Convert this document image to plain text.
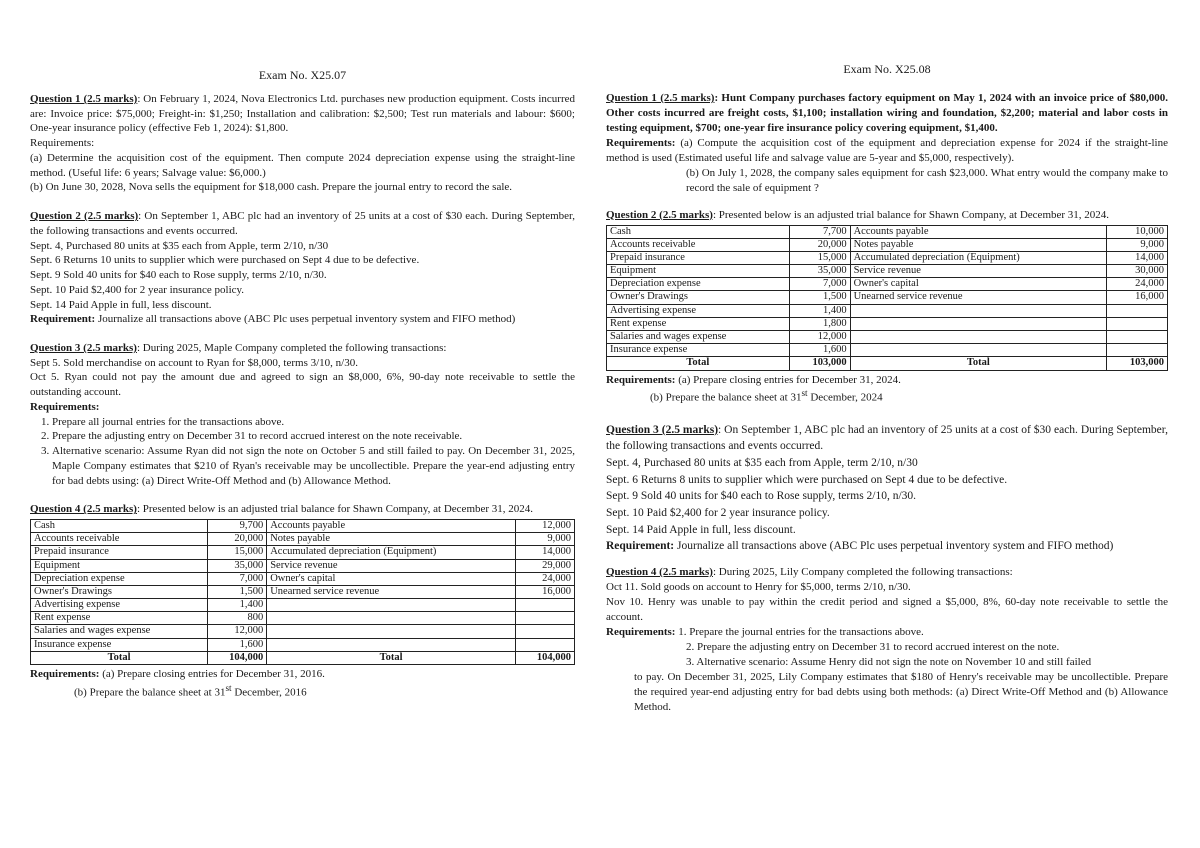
Exam No. X25.07

Question 1 (2.5 marks): On February 1, 2024, Nova Electronics Ltd. purchases new production equipment. Costs incurred are: Invoice price: $75,000; Freight-in: $1,250; Installation and calibration: $2,500; Test run materials and labour: $600; One-year insurance policy (effective Feb 1, 2024): $1,800.

Requirements:

(a) Determine the acquisition cost of the equipment. Then compute 2024 depreciation expense using the straight-line method. (Useful life: 6 years; Salvage value: $6,000.)

(b) On June 30, 2028, Nova sells the equipment for $18,000 cash. Prepare the journal entry to record the sale.

Question 2 (2.5 marks): On September 1, ABC plc had an inventory of 25 units at a cost of $30 each. During September, the following transactions and events occurred.

Sept. 4, Purchased 80 units at $35 each from Apple, term 2/10, n/30

Sept. 6 Returns 10 units to supplier which were purchased on Sept 4 due to be defective.

Sept. 9 Sold 40 units for $40 each to Rose supply, terms 2/10, n/30.

Sept. 10 Paid $2,400 for 2 year insurance policy.

Sept. 14 Paid Apple in full, less discount.

Requirement: Journalize all transactions above (ABC Plc uses perpetual inventory system and FIFO method)

Question 3 (2.5 marks): During 2025, Maple Company completed the following transactions:

Sept 5. Sold merchandise on account to Ryan for $8,000, terms 3/10, n/30.

Oct 5. Ryan could not pay the amount due and agreed to sign an $8,000, 6%, 90-day note receivable to settle the outstanding account.

Requirements:

1. Prepare all journal entries for the transactions above.
2. Prepare the adjusting entry on December 31 to record accrued interest on the note receivable.
3. Alternative scenario: Assume Ryan did not sign the note on October 5 and still failed to pay. On December 31, 2025, Maple Company estimates that $210 of Ryan's receivable may be uncollectible. Prepare the year-end adjusting entry for bad debts using: (a) Direct Write-Off Method and (b) Allowance Method.

Question 4 (2.5 marks): Presented below is an adjusted trial balance for Shawn Company, at December 31, 2024.

Cash	9,700	Accounts payable	12,000
Accounts receivable	20,000	Notes payable	9,000
Prepaid insurance	15,000	Accumulated depreciation (Equipment)	14,000
Equipment	35,000	Service revenue	29,000
Depreciation expense	7,000	Owner's capital	24,000
Owner's Drawings	1,500	Unearned service revenue	16,000
Advertising expense	1,400		
Rent expense	800		
Salaries and wages expense	12,000		
Insurance expense	1,600		
Total	104,000	Total	104,000

Requirements: (a) Prepare closing entries for December 31, 2016.

(b) Prepare the balance sheet at 31st December, 2016

Exam No. X25.08

Question 1 (2.5 marks): Hunt Company purchases factory equipment on May 1, 2024 with an invoice price of $80,000. Other costs incurred are freight costs, $1,100; installation wiring and foundation, $2,200; material and labor costs in testing equipment, $700; one-year fire insurance policy covering equipment, $1,400.

Requirements: (a) Compute the acquisition cost of the equipment and depreciation expense for 2024 if the straight-line method is used (Estimated useful life and salvage value are 5-year and $5,000, respectively).

(b) On July 1, 2028, the company sales equipment for cash $23,000. What entry would the company make to record the sale of equipment ?

Question 2 (2.5 marks): Presented below is an adjusted trial balance for Shawn Company, at December 31, 2024.

Cash	7,700	Accounts payable	10,000
Accounts receivable	20,000	Notes payable	9,000
Prepaid insurance	15,000	Accumulated depreciation (Equipment)	14,000
Equipment	35,000	Service revenue	30,000
Depreciation expense	7,000	Owner's capital	24,000
Owner's Drawings	1,500	Unearned service revenue	16,000
Advertising expense	1,400		
Rent expense	1,800		
Salaries and wages expense	12,000		
Insurance expense	1,600		
Total	103,000	Total	103,000

Requirements: (a) Prepare closing entries for December 31, 2024.

(b) Prepare the balance sheet at 31st December, 2024

Question 3 (2.5 marks): On September 1, ABC plc had an inventory of 25 units at a cost of $30 each. During September, the following transactions and events occurred.

Sept. 4, Purchased 80 units at $35 each from Apple, term 2/10, n/30

Sept. 6 Returns 8 units to supplier which were purchased on Sept 4 due to be defective.

Sept. 9 Sold 40 units for $40 each to Rose supply, terms 2/10, n/30.

Sept. 10 Paid $2,400 for 2 year insurance policy.

Sept. 14 Paid Apple in full, less discount.

Requirement: Journalize all transactions above (ABC Plc uses perpetual inventory system and FIFO method)

Question 4 (2.5 marks): During 2025, Lily Company completed the following transactions:

Oct 11. Sold goods on account to Henry for $5,000, terms 2/10, n/30.

Nov 10. Henry was unable to pay within the credit period and signed a $5,000, 8%, 60-day note receivable to settle the account.

Requirements: 1. Prepare the journal entries for the transactions above.

2. Prepare the adjusting entry on December 31 to record accrued interest on the note.

3. Alternative scenario: Assume Henry did not sign the note on November 10 and still failed

to pay. On December 31, 2025, Lily Company estimates that $180 of Henry's receivable may be uncollectible. Prepare the required year-end adjusting entry for bad debts using both methods: (a) Direct Write-Off Method and (b) Allowance Method.
